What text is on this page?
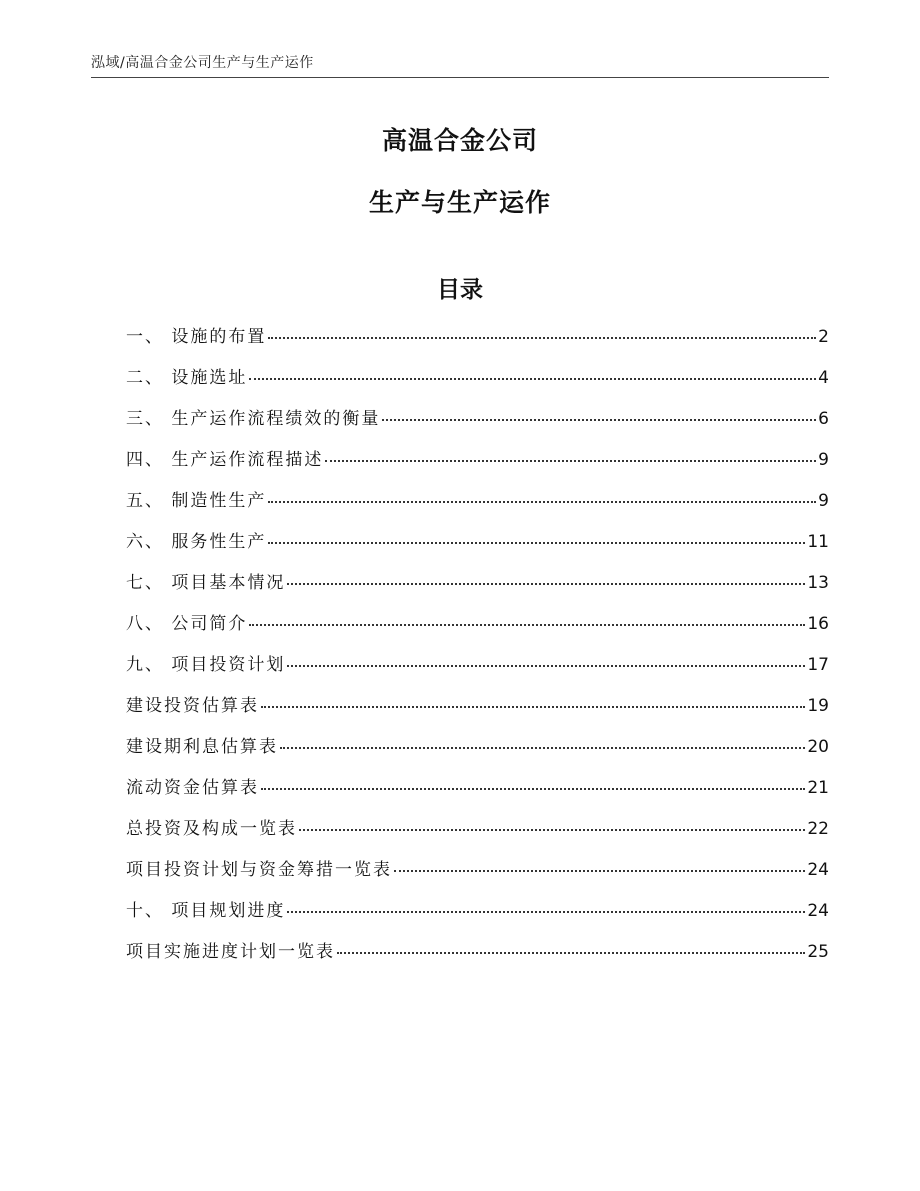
泓域/高温合金公司生产与生产运作
高温合金公司
生产与生产运作
目录
一、 设施的布置	2
二、 设施选址	4
三、 生产运作流程绩效的衡量	6
四、 生产运作流程描述	9
五、 制造性生产	9
六、 服务性生产	11
七、 项目基本情况	13
八、 公司简介	16
九、 项目投资计划	17
建设投资估算表	19
建设期利息估算表	20
流动资金估算表	21
总投资及构成一览表	22
项目投资计划与资金筹措一览表	24
十、 项目规划进度	24
项目实施进度计划一览表	25
